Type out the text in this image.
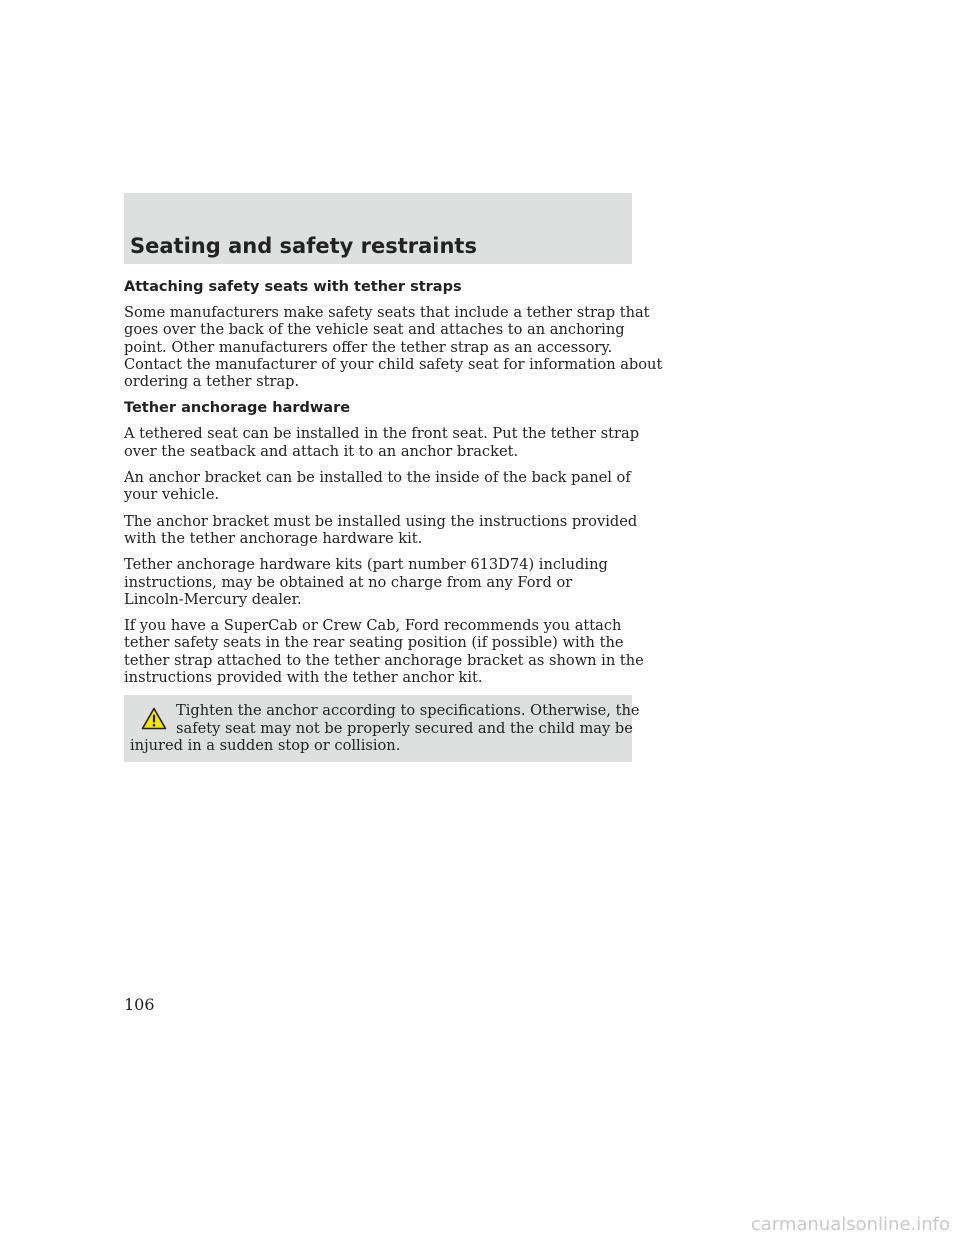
Seating and safety restraints
Attaching safety seats with tether straps

Some manufacturers make safety seats that include a tether strap that
goes over the back of the vehicle seat and attaches to an anchoring
point. Other manufacturers offer the tether strap as an accessory.
Contact the manufacturer of your child safety seat for information about
ordering a tether strap.

Tether anchorage hardware

A tethered seat can be installed in the front seat. Put the tether strap
over the seatback and attach it to an anchor bracket.

An anchor bracket can be installed to the inside of the back panel of
your vehicle.

The anchor bracket must be installed using the instructions provided
with the tether anchorage hardware kit.

Tether anchorage hardware kits (part number 613D74) including
instructions, may be obtained at no charge from any Ford or
Lincoln-Mercury dealer.

If you have a SuperCab or Crew Cab, Ford recommends you attach
tether safety seats in the rear seating position (if possible) with the
tether strap attached to the tether anchorage bracket as shown in the
instructions provided with the tether anchor kit.

Tighten the anchor according to specifications. Otherwise, the
safety seat may not be properly secured and the child may be
injured in a sudden stop or collision.
106
carmanualsonline.info
